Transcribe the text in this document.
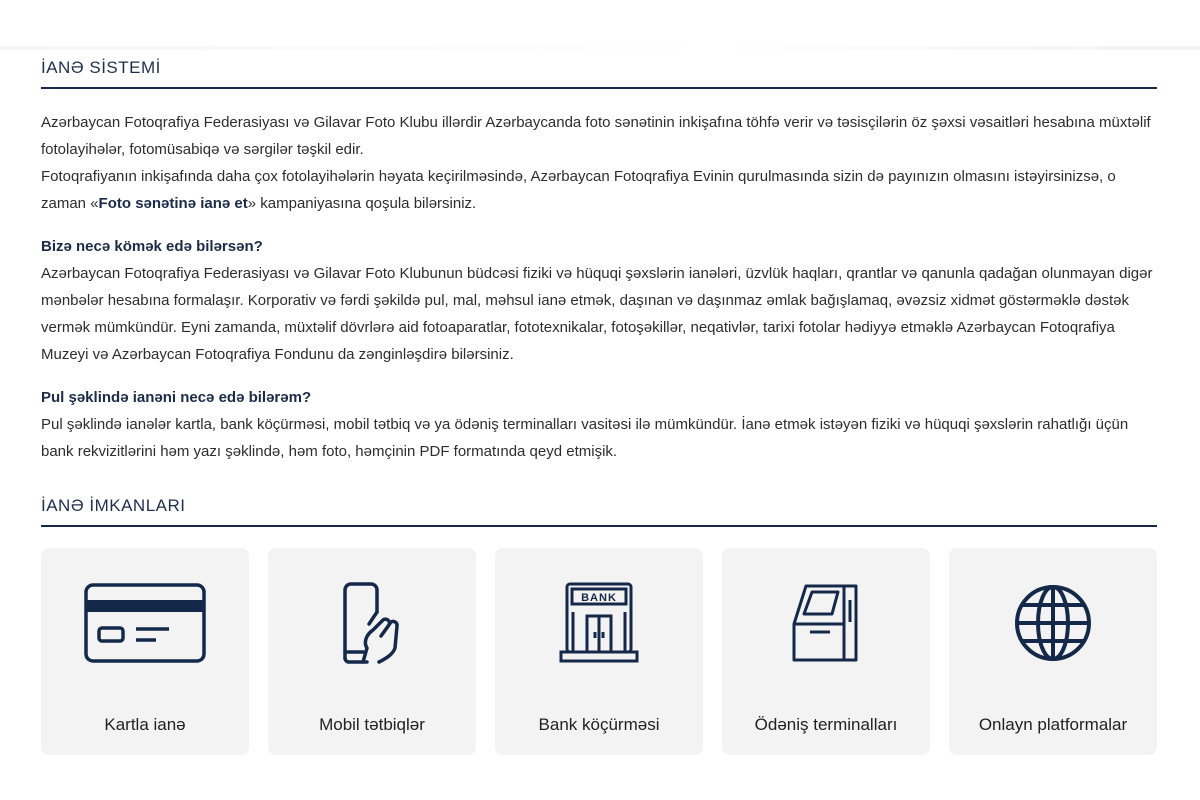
İANƏ SİSTEMİ

Azərbaycan Fotoqrafiya Federasiyası və Gilavar Foto Klubu illərdir Azərbaycanda foto sənətinin inkişafına töhfə verir və təsisçilərin öz şəxsi vəsaitləri hesabına müxtəlif fotolayihələr, fotomüsabiqə və sərgilər təşkil edir.

Fotoqrafiyanın inkişafında daha çox fotolayihələrin həyata keçirilməsində, Azərbaycan Fotoqrafiya Evinin qurulmasında sizin də payınızın olmasını istəyirsinizsə, o zaman «Foto sənətinə ianə et» kampaniyasına qoşula bilərsiniz.

Bizə necə kömək edə bilərsən?

Azərbaycan Fotoqrafiya Federasiyası və Gilavar Foto Klubunun büdcəsi fiziki və hüquqi şəxslərin ianələri, üzvlük haqları, qrantlar və qanunla qadağan olunmayan digər mənbələr hesabına formalaşır. Korporativ və fərdi şəkildə pul, mal, məhsul ianə etmək, daşınan və daşınmaz əmlak bağışlamaq, əvəzsiz xidmət göstərməklə dəstək vermək mümkündür. Eyni zamanda, müxtəlif dövrlərə aid fotoaparatlar, fototexnikalar, fotoşəkillər, neqativlər, tarixi fotolar hədiyyə etməklə Azərbaycan Fotoqrafiya Muzeyi və Azərbaycan Fotoqrafiya Fondunu da zənginləşdirə bilərsiniz.

Pul şəklində ianəni necə edə bilərəm?

Pul şəklində ianələr kartla, bank köçürməsi, mobil tətbiq və ya ödəniş terminalları vasitəsi ilə mümkündür. İanə etmək istəyən fiziki və hüquqi şəxslərin rahatlığı üçün bank rekvizitlərini həm yazı şəklində, həm foto, həmçinin PDF formatında qeyd etmişik.

İANƏ İMKANLARI
Kartla ianə	Mobil tətbiqlər
BANK
Bank köçürməsi	Ödəniş terminalları	Onlayn platformalar
